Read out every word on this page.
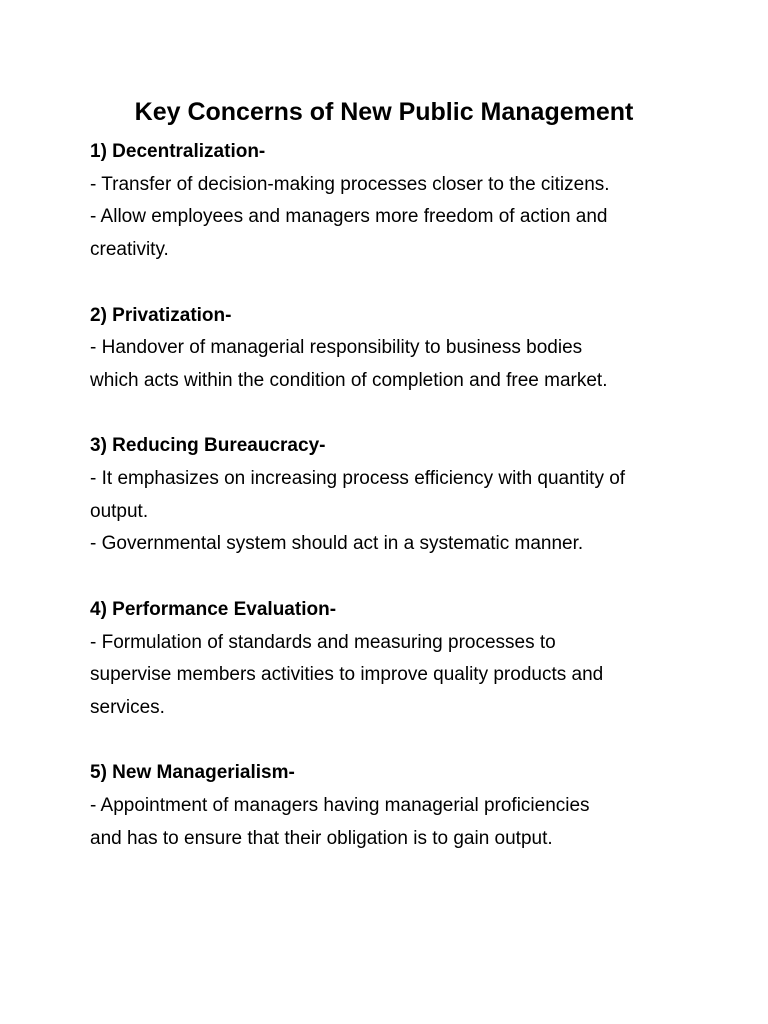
Key Concerns of New Public Management
1) Decentralization-
- Transfer of decision-making processes closer to the citizens.
- Allow employees and managers more freedom of action and
creativity.
2) Privatization-
- Handover of managerial responsibility to business bodies
which acts within the condition of completion and free market.
3) Reducing Bureaucracy-
- It emphasizes on increasing process efficiency with quantity of
output.
- Governmental system should act in a systematic manner.
4) Performance Evaluation-
- Formulation of standards and measuring processes to
supervise members activities to improve quality products and
services.
5) New Managerialism-
- Appointment of managers having managerial proficiencies
and has to ensure that their obligation is to gain output.
